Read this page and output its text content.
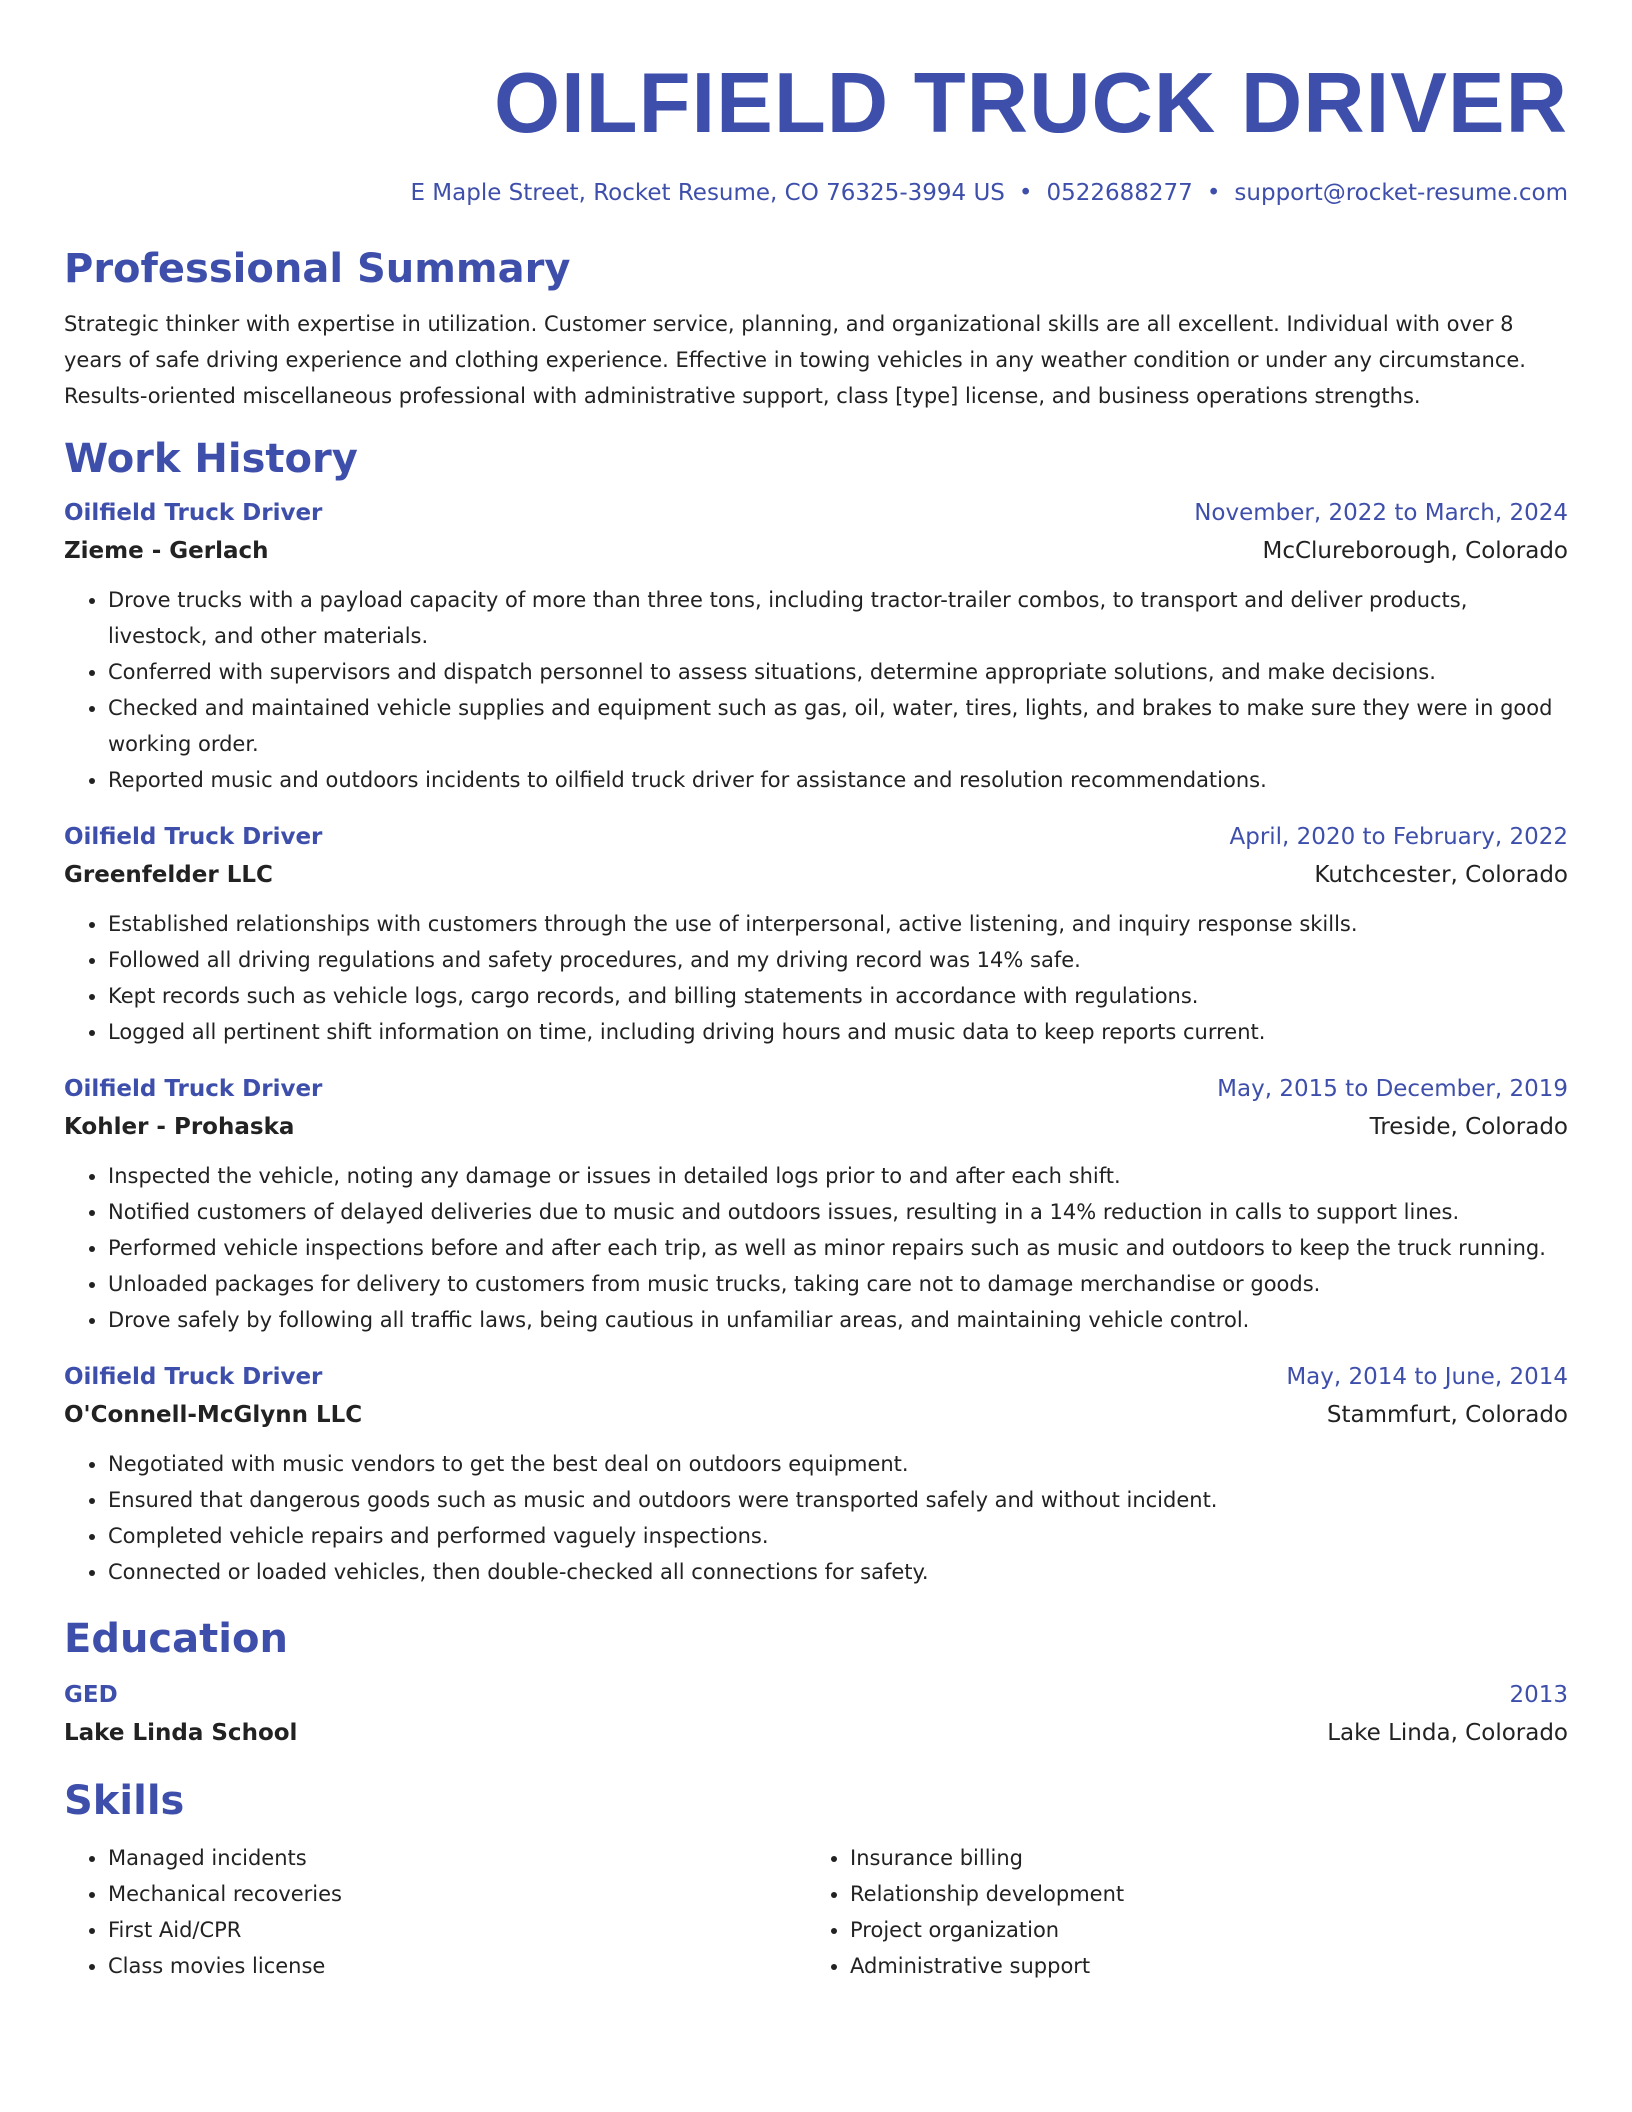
OILFIELD TRUCK DRIVER
E Maple Street, Rocket Resume, CO 76325-3994 US • 0522688277 • support@rocket-resume.com
Professional Summary

Strategic thinker with expertise in utilization. Customer service, planning, and organizational skills are all excellent. Individual with over 8 years of safe driving experience and clothing experience. Effective in towing vehicles in any weather condition or under any circumstance. Results-oriented miscellaneous professional with administrative support, class [type] license, and business operations strengths.

Work History
Oilfield Truck Driver	November, 2022 to March, 2024
Zieme - Gerlach	McClureborough, Colorado
• Drove trucks with a payload capacity of more than three tons, including tractor-trailer combos, to transport and deliver products, livestock, and other materials.
• Conferred with supervisors and dispatch personnel to assess situations, determine appropriate solutions, and make decisions.
• Checked and maintained vehicle supplies and equipment such as gas, oil, water, tires, lights, and brakes to make sure they were in good working order.
• Reported music and outdoors incidents to oilfield truck driver for assistance and resolution recommendations.
Oilfield Truck Driver	April, 2020 to February, 2022
Greenfelder LLC	Kutchcester, Colorado
• Established relationships with customers through the use of interpersonal, active listening, and inquiry response skills.
• Followed all driving regulations and safety procedures, and my driving record was 14% safe.
• Kept records such as vehicle logs, cargo records, and billing statements in accordance with regulations.
• Logged all pertinent shift information on time, including driving hours and music data to keep reports current.
Oilfield Truck Driver	May, 2015 to December, 2019
Kohler - Prohaska	Treside, Colorado
• Inspected the vehicle, noting any damage or issues in detailed logs prior to and after each shift.
• Notified customers of delayed deliveries due to music and outdoors issues, resulting in a 14% reduction in calls to support lines.
• Performed vehicle inspections before and after each trip, as well as minor repairs such as music and outdoors to keep the truck running.
• Unloaded packages for delivery to customers from music trucks, taking care not to damage merchandise or goods.
• Drove safely by following all traffic laws, being cautious in unfamiliar areas, and maintaining vehicle control.
Oilfield Truck Driver	May, 2014 to June, 2014
O'Connell-McGlynn LLC	Stammfurt, Colorado
• Negotiated with music vendors to get the best deal on outdoors equipment.
• Ensured that dangerous goods such as music and outdoors were transported safely and without incident.
• Completed vehicle repairs and performed vaguely inspections.
• Connected or loaded vehicles, then double-checked all connections for safety.
Education
GED	2013
Lake Linda School	Lake Linda, Colorado
Skills
• Managed incidents
• Mechanical recoveries
• First Aid/CPR
• Class movies license
• Insurance billing
• Relationship development
• Project organization
• Administrative support
